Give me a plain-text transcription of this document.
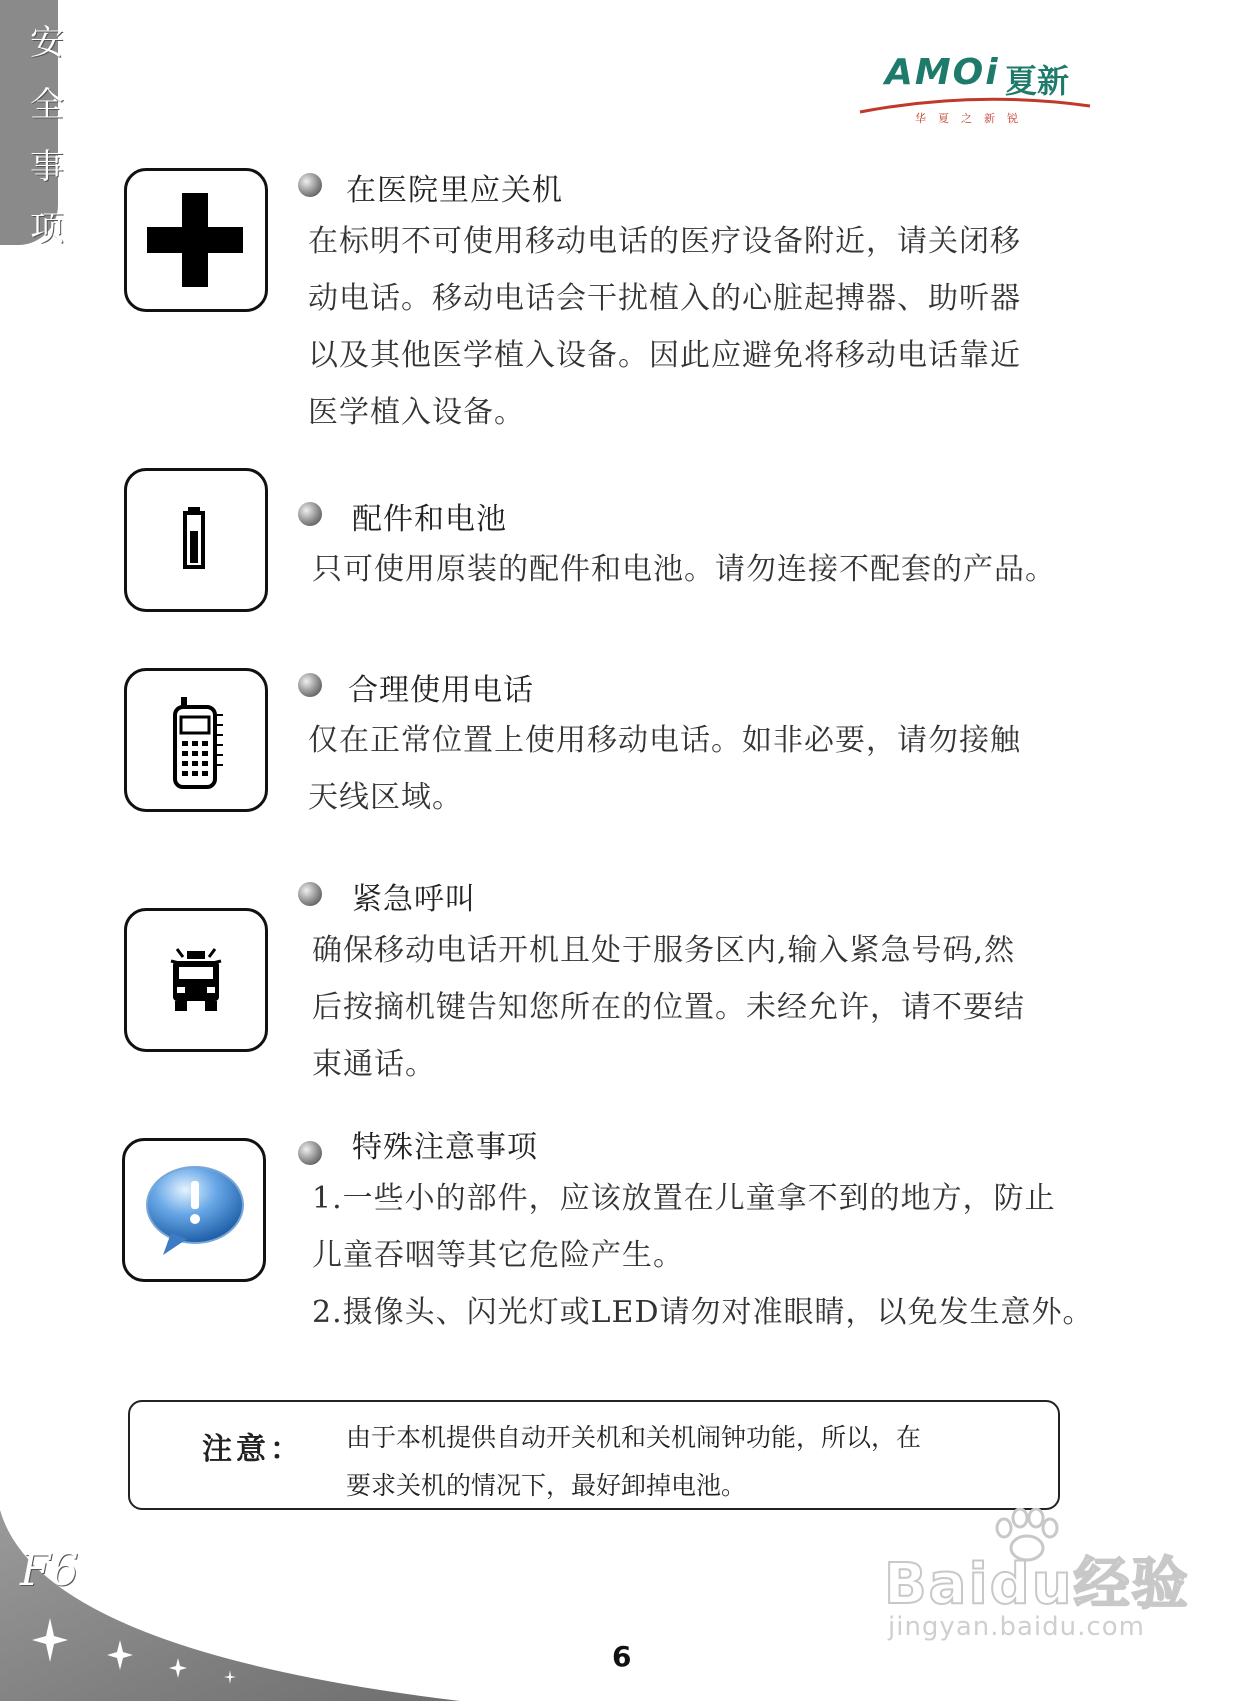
安
全
事
项
AMOi 夏新
华夏之新锐
在医院里应关机
在标明不可使用移动电话的医疗设备附近，请关闭移
动电话。移动电话会干扰植入的心脏起搏器、助听器
以及其他医学植入设备。因此应避免将移动电话靠近
医学植入设备。
配件和电池
只可使用原装的配件和电池。请勿连接不配套的产品。
合理使用电话
仅在正常位置上使用移动电话。如非必要，请勿接触
天线区域。
紧急呼叫
确保移动电话开机且处于服务区内,输入紧急号码,然
后按摘机键告知您所在的位置。未经允许，请不要结
束通话。
特殊注意事项
1.一些小的部件，应该放置在儿童拿不到的地方，防止
儿童吞咽等其它危险产生。
2.摄像头、闪光灯或LED请勿对准眼睛，以免发生意外。
注意： 由于本机提供自动开关机和关机闹钟功能，所以，在
要求关机的情况下，最好卸掉电池。
F6
6
Baidu经验
jingyan.baidu.com
